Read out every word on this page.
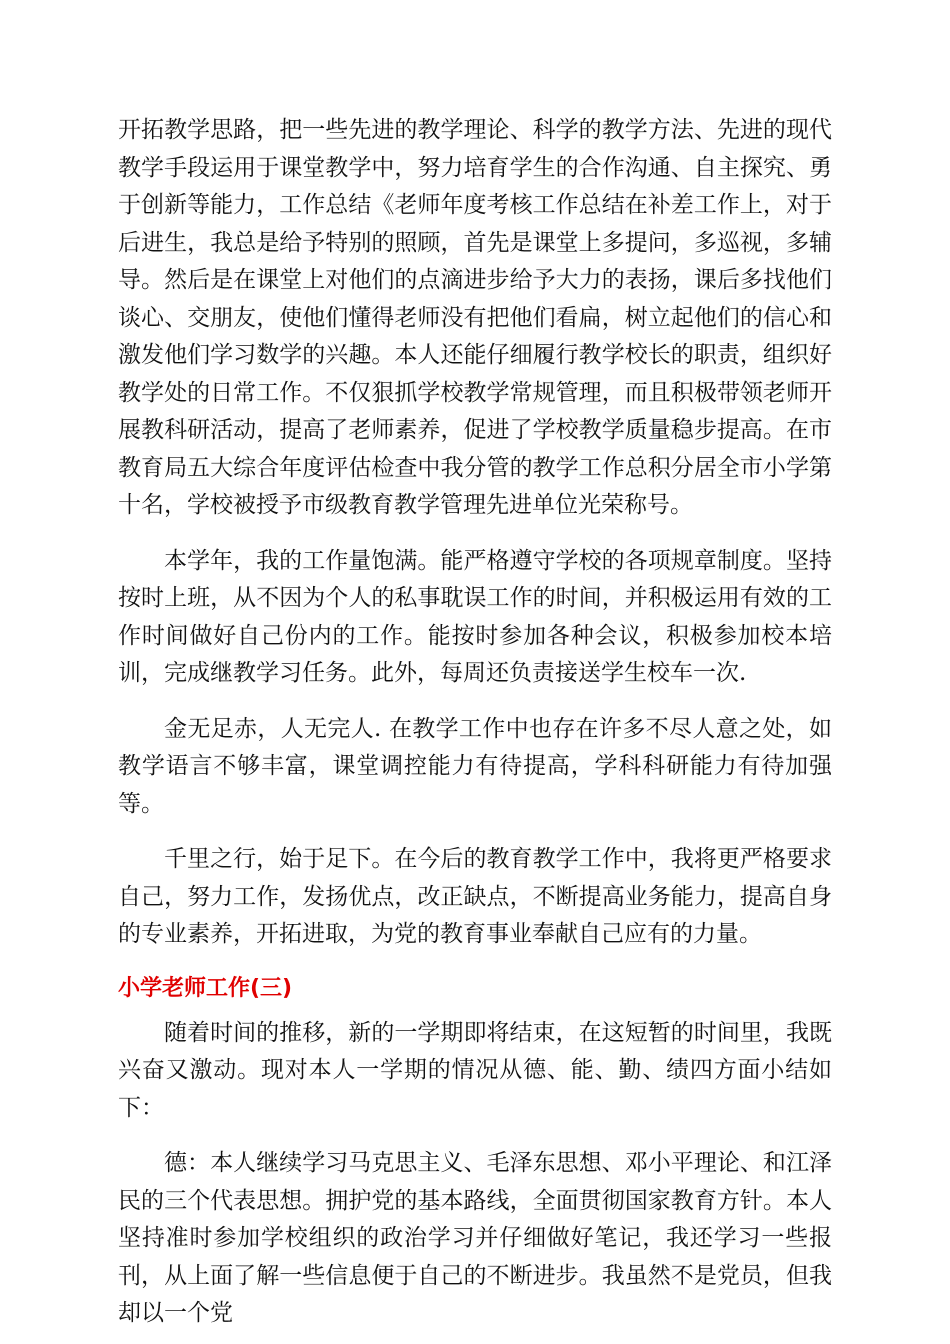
开拓教学思路，把一些先进的教学理论、科学的教学方法、先进的现代教学手段运用于课堂教学中，努力培育学生的合作沟通、自主探究、勇于创新等能力，工作总结《老师年度考核工作总结在补差工作上，对于后进生，我总是给予特别的照顾，首先是课堂上多提问，多巡视，多辅导。然后是在课堂上对他们的点滴进步给予大力的表扬，课后多找他们谈心、交朋友，使他们懂得老师没有把他们看扁，树立起他们的信心和激发他们学习数学的兴趣。本人还能仔细履行教学校长的职责，组织好教学处的日常工作。不仅狠抓学校教学常规管理，而且积极带领老师开展教科研活动，提高了老师素养，促进了学校教学质量稳步提高。在市教育局五大综合年度评估检查中我分管的教学工作总积分居全市小学第十名，学校被授予市级教育教学管理先进单位光荣称号。

本学年，我的工作量饱满。能严格遵守学校的各项规章制度。坚持按时上班，从不因为个人的私事耽误工作的时间，并积极运用有效的工作时间做好自己份内的工作。能按时参加各种会议，积极参加校本培训，完成继教学习任务。此外，每周还负责接送学生校车一次.

金无足赤，人无完人. 在教学工作中也存在许多不尽人意之处，如教学语言不够丰富，课堂调控能力有待提高，学科科研能力有待加强等。

千里之行，始于足下。在今后的教育教学工作中，我将更严格要求自己，努力工作，发扬优点，改正缺点，不断提高业务能力，提高自身的专业素养，开拓进取，为党的教育事业奉献自己应有的力量。

小学老师工作(三)

随着时间的推移，新的一学期即将结束，在这短暂的时间里，我既兴奋又激动。现对本人一学期的情况从德、能、勤、绩四方面小结如下：

德：本人继续学习马克思主义、毛泽东思想、邓小平理论、和江泽民的三个代表思想。拥护党的基本路线，全面贯彻国家教育方针。本人坚持准时参加学校组织的政治学习并仔细做好笔记，我还学习一些报刊，从上面了解一些信息便于自己的不断进步。我虽然不是党员，但我却以一个党
